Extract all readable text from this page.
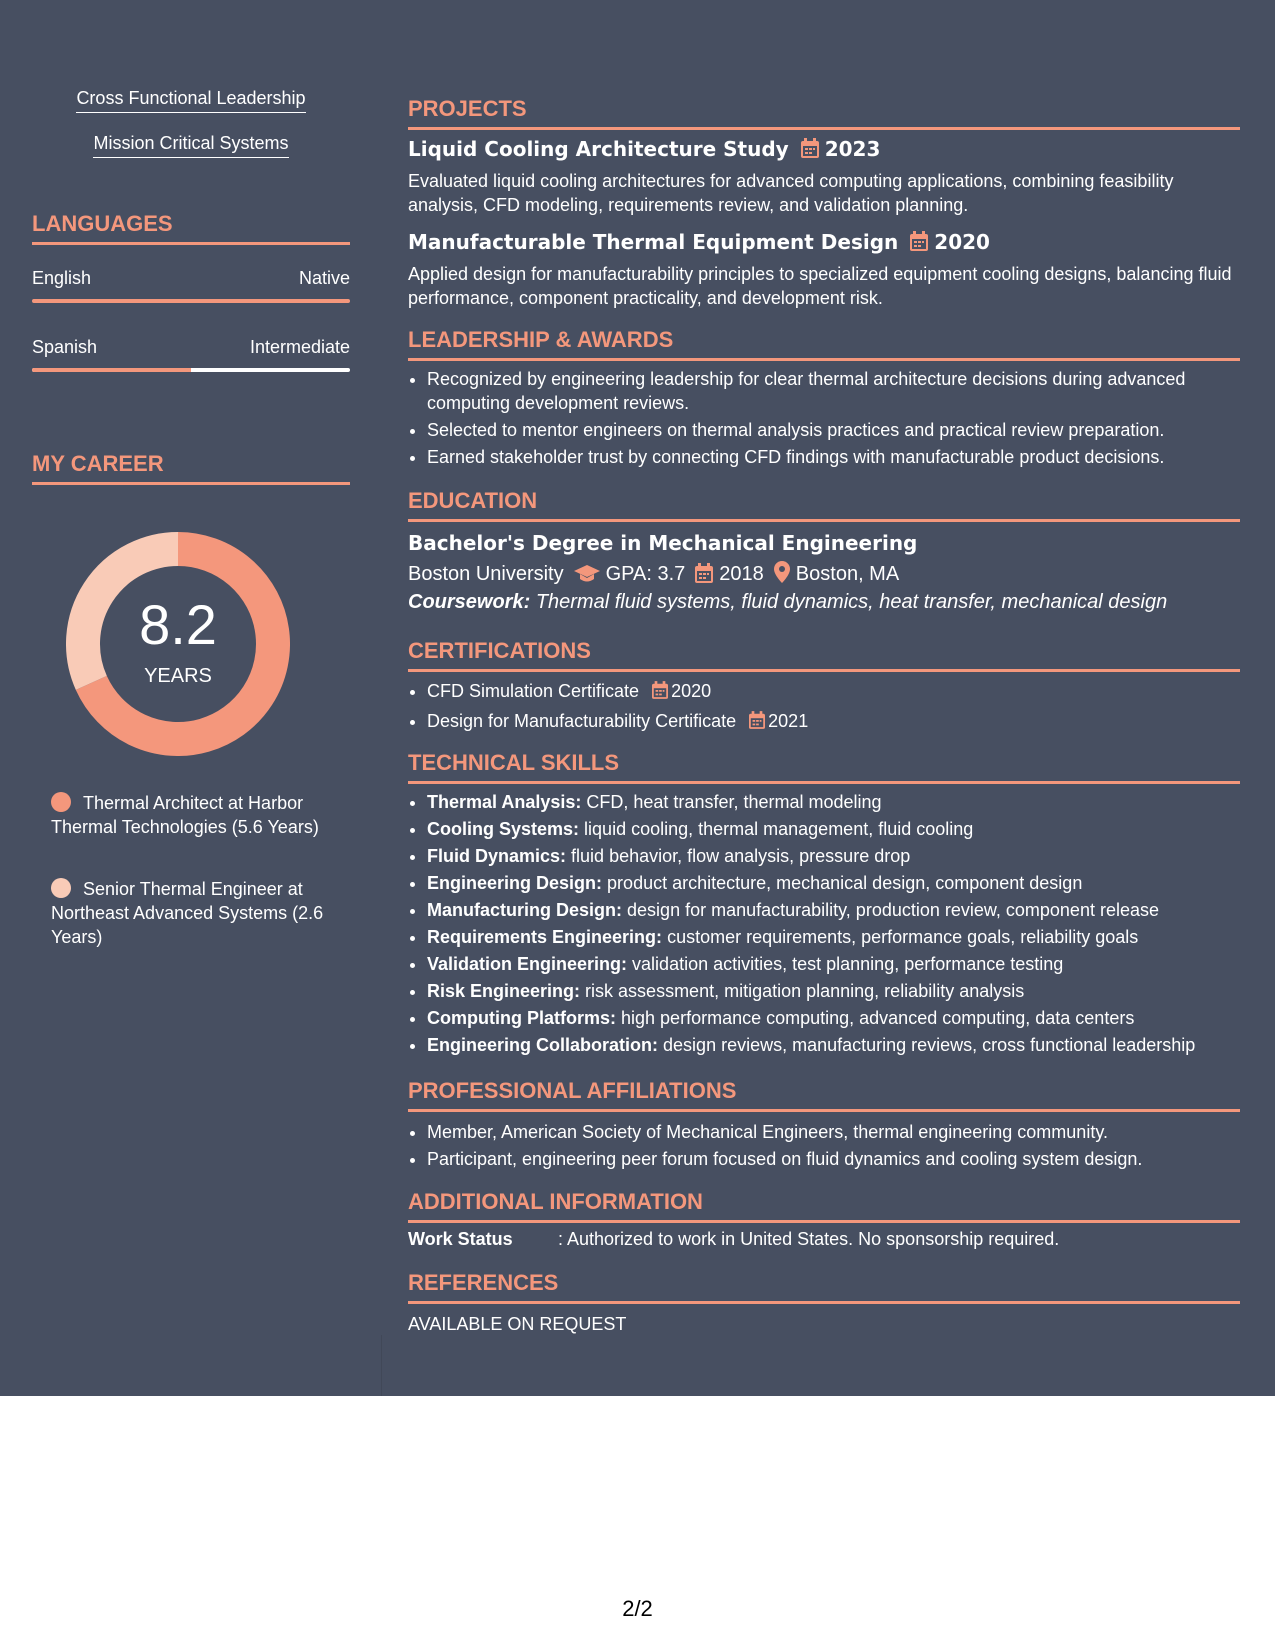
Cross Functional Leadership
Mission Critical Systems
LANGUAGES
English	Native
Spanish	Intermediate
MY CAREER
8.2
YEARS
Thermal Architect at Harbor Thermal Technologies (5.6 Years)
Senior Thermal Engineer at Northeast Advanced Systems (2.6 Years)
PROJECTS
Liquid Cooling Architecture Study 2023
Evaluated liquid cooling architectures for advanced computing applications, combining feasibility analysis, CFD modeling, requirements review, and validation planning.
Manufacturable Thermal Equipment Design 2020
Applied design for manufacturability principles to specialized equipment cooling designs, balancing fluid performance, component practicality, and development risk.
LEADERSHIP & AWARDS
• Recognized by engineering leadership for clear thermal architecture decisions during advanced computing development reviews.
• Selected to mentor engineers on thermal analysis practices and practical review preparation.
• Earned stakeholder trust by connecting CFD findings with manufacturable product decisions.
EDUCATION
Bachelor's Degree in Mechanical Engineering
Boston University GPA: 3.7 2018 Boston, MA
Coursework: Thermal fluid systems, fluid dynamics, heat transfer, mechanical design
CERTIFICATIONS
• CFD Simulation Certificate 2020
• Design for Manufacturability Certificate 2021
TECHNICAL SKILLS
• Thermal Analysis: CFD, heat transfer, thermal modeling
• Cooling Systems: liquid cooling, thermal management, fluid cooling
• Fluid Dynamics: fluid behavior, flow analysis, pressure drop
• Engineering Design: product architecture, mechanical design, component design
• Manufacturing Design: design for manufacturability, production review, component release
• Requirements Engineering: customer requirements, performance goals, reliability goals
• Validation Engineering: validation activities, test planning, performance testing
• Risk Engineering: risk assessment, mitigation planning, reliability analysis
• Computing Platforms: high performance computing, advanced computing, data centers
• Engineering Collaboration: design reviews, manufacturing reviews, cross functional leadership
PROFESSIONAL AFFILIATIONS
• Member, American Society of Mechanical Engineers, thermal engineering community.
• Participant, engineering peer forum focused on fluid dynamics and cooling system design.
ADDITIONAL INFORMATION
Work Status	: Authorized to work in United States. No sponsorship required.
REFERENCES
AVAILABLE ON REQUEST
2/2
